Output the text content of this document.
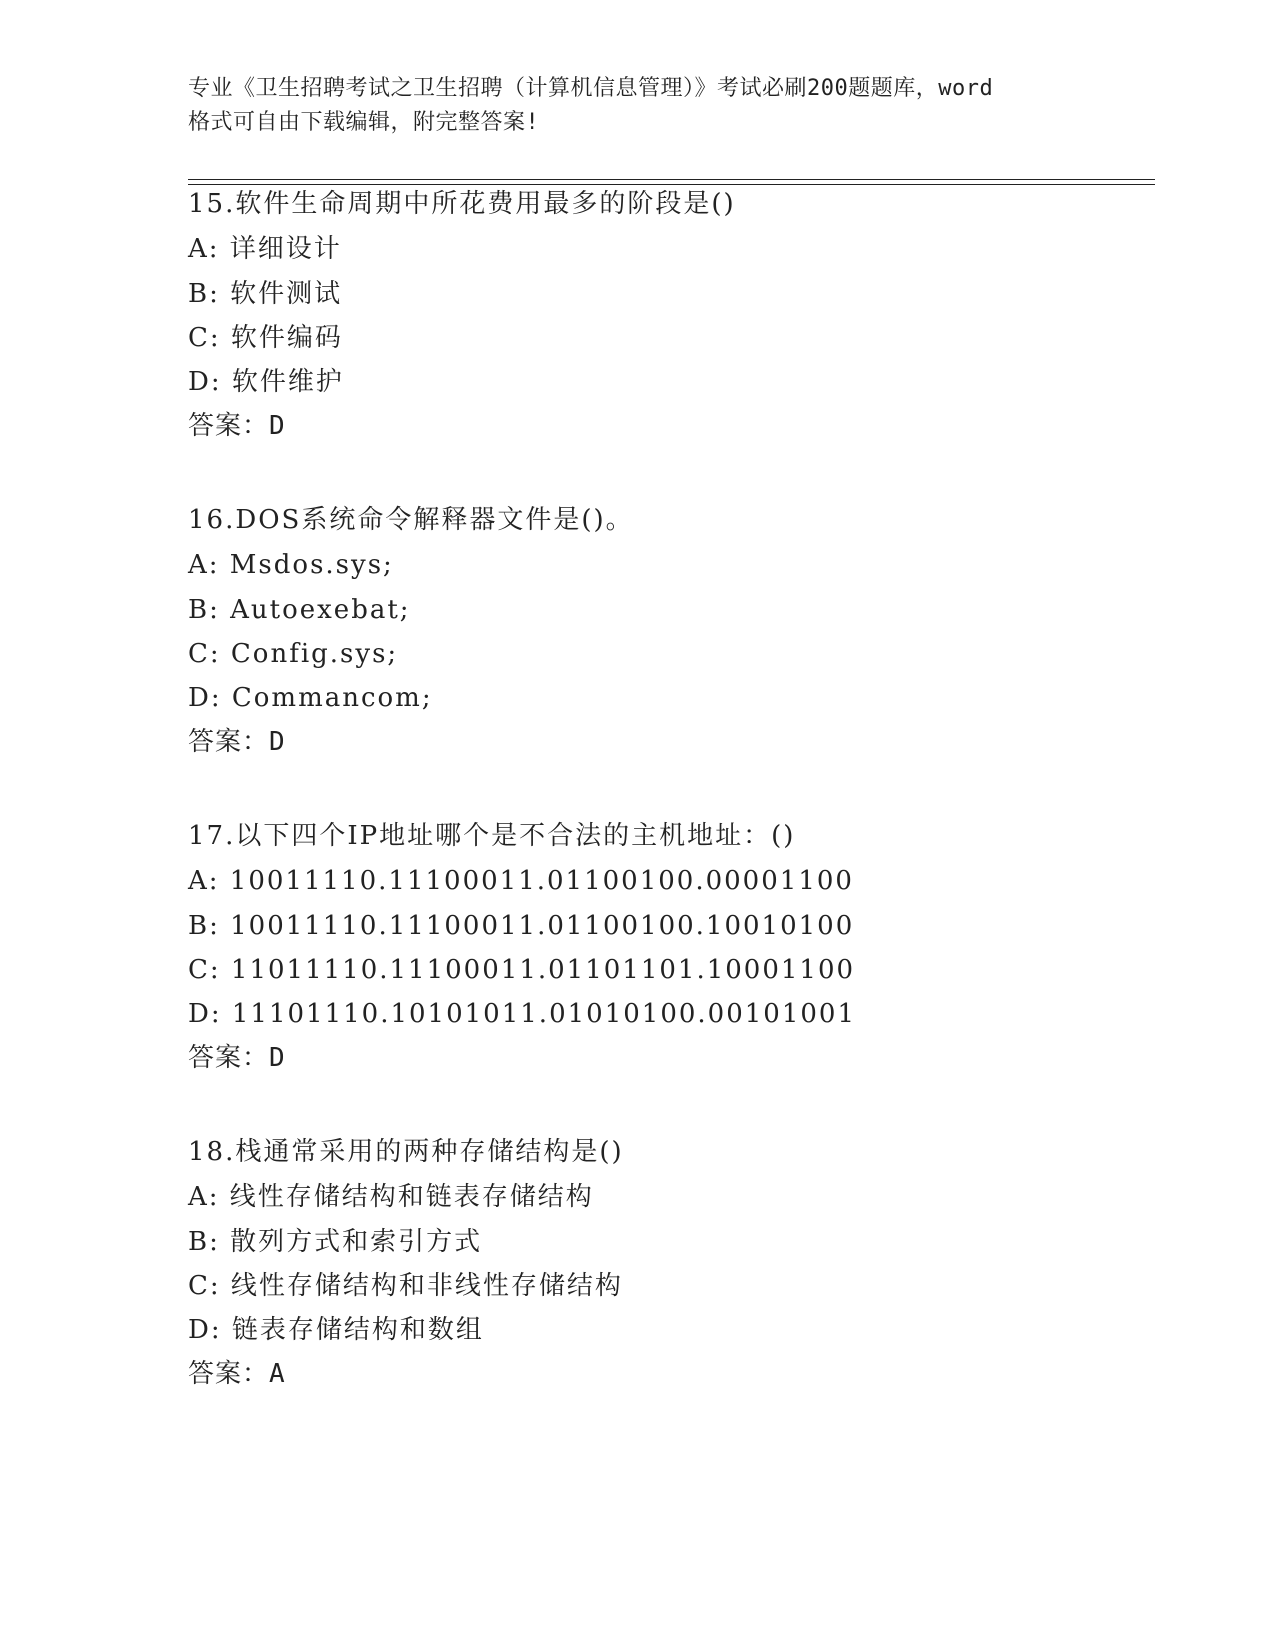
专业《卫生招聘考试之卫生招聘（计算机信息管理）》考试必刷200题题库，word
格式可自由下载编辑，附完整答案!
15.软件生命周期中所花费用最多的阶段是()
A: 详细设计
B: 软件测试
C: 软件编码
D: 软件维护
答案：D
16.DOS系统命令解释器文件是()。
A: Msdos.sys;
B: Autoexebat;
C: Config.sys;
D: Commancom;
答案：D
17.以下四个IP地址哪个是不合法的主机地址：()
A: 10011110.11100011.01100100.00001100
B: 10011110.11100011.01100100.10010100
C: 11011110.11100011.01101101.10001100
D: 11101110.10101011.01010100.00101001
答案：D
18.栈通常采用的两种存储结构是()
A: 线性存储结构和链表存储结构
B: 散列方式和索引方式
C: 线性存储结构和非线性存储结构
D: 链表存储结构和数组
答案：A
